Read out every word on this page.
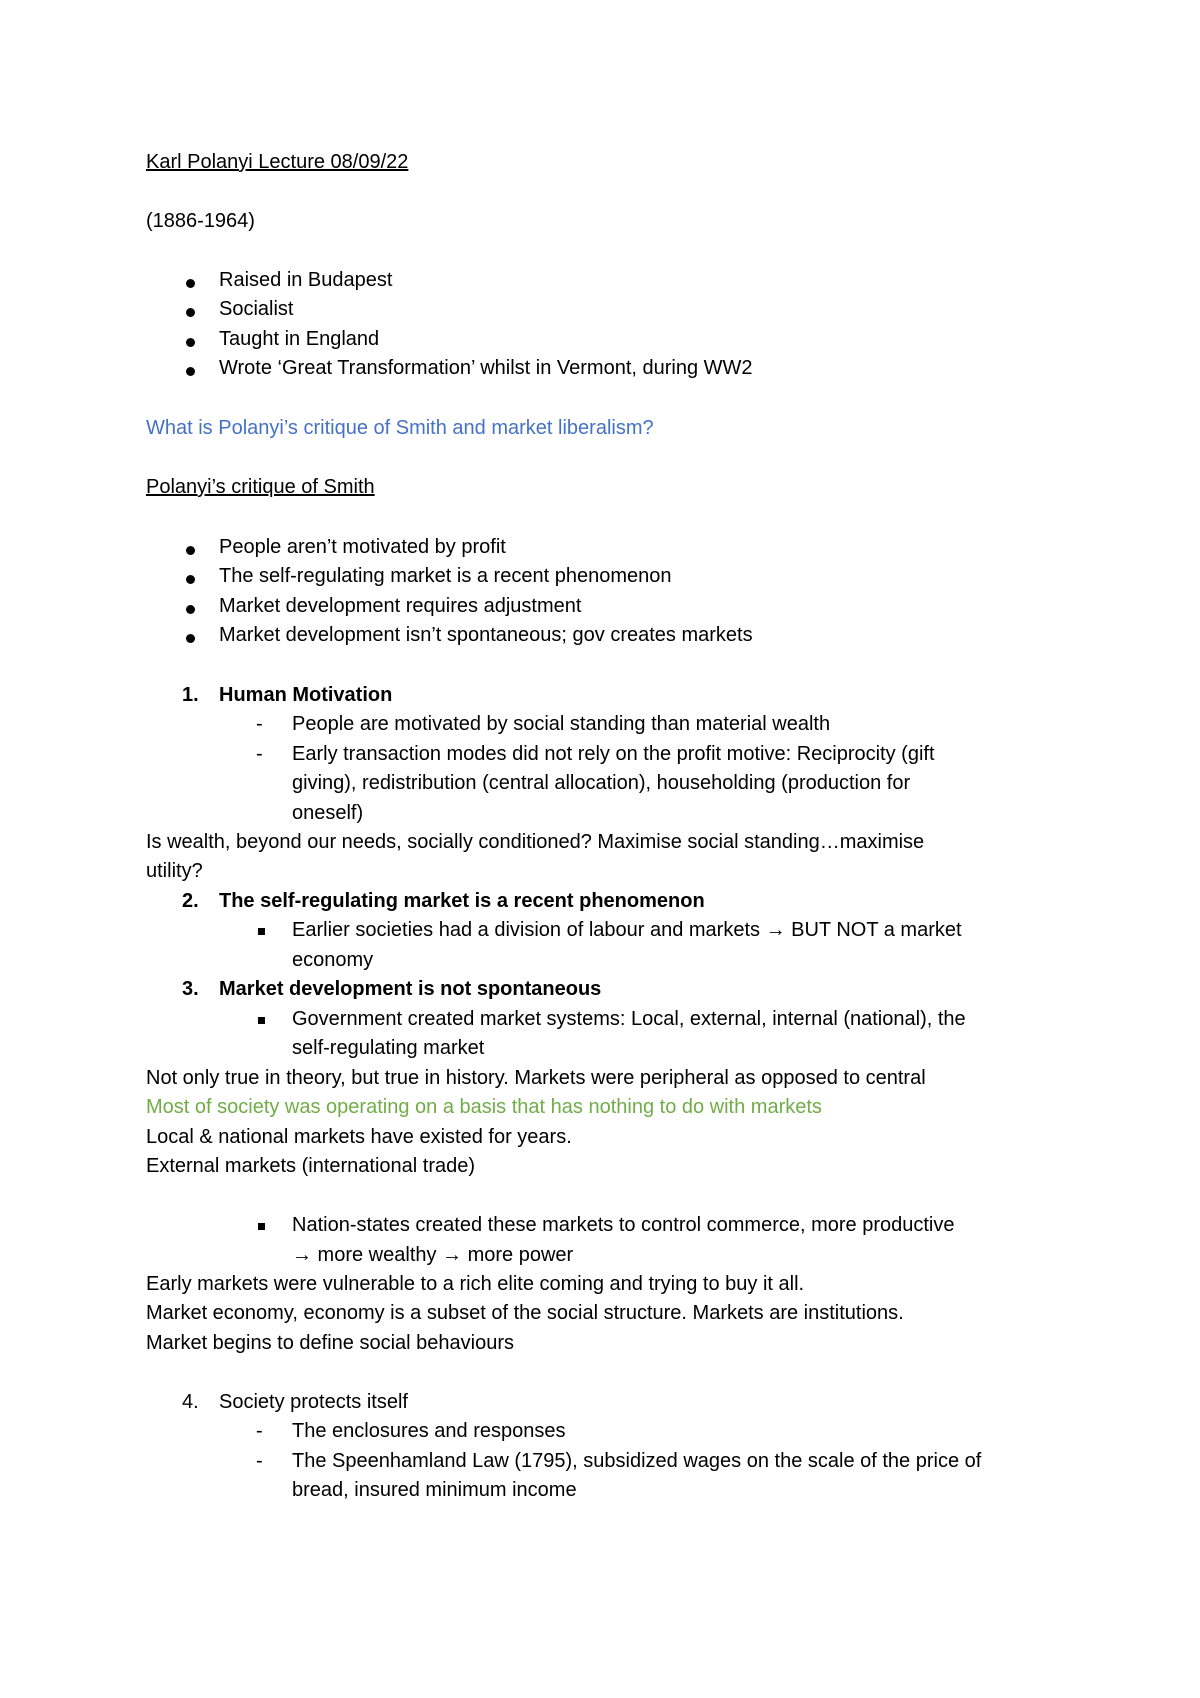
Karl Polanyi Lecture 08/09/22
(1886-1964)
Raised in Budapest
Socialist
Taught in England
Wrote ‘Great Transformation’ whilst in Vermont, during WW2
What is Polanyi’s critique of Smith and market liberalism?
Polanyi’s critique of Smith
People aren’t motivated by profit
The self-regulating market is a recent phenomenon
Market development requires adjustment
Market development isn’t spontaneous; gov creates markets
1. Human Motivation
- People are motivated by social standing than material wealth
- Early transaction modes did not rely on the profit motive: Reciprocity (gift
giving), redistribution (central allocation), householding (production for
oneself)
Is wealth, beyond our needs, socially conditioned? Maximise social standing…maximise
utility?
2. The self-regulating market is a recent phenomenon
Earlier societies had a division of labour and markets → BUT NOT a market
economy
3. Market development is not spontaneous
Government created market systems: Local, external, internal (national), the
self-regulating market
Not only true in theory, but true in history. Markets were peripheral as opposed to central
Most of society was operating on a basis that has nothing to do with markets
Local & national markets have existed for years.
External markets (international trade)
Nation-states created these markets to control commerce, more productive
→ more wealthy → more power
Early markets were vulnerable to a rich elite coming and trying to buy it all.
Market economy, economy is a subset of the social structure. Markets are institutions.
Market begins to define social behaviours
4. Society protects itself
- The enclosures and responses
- The Speenhamland Law (1795), subsidized wages on the scale of the price of
bread, insured minimum income
